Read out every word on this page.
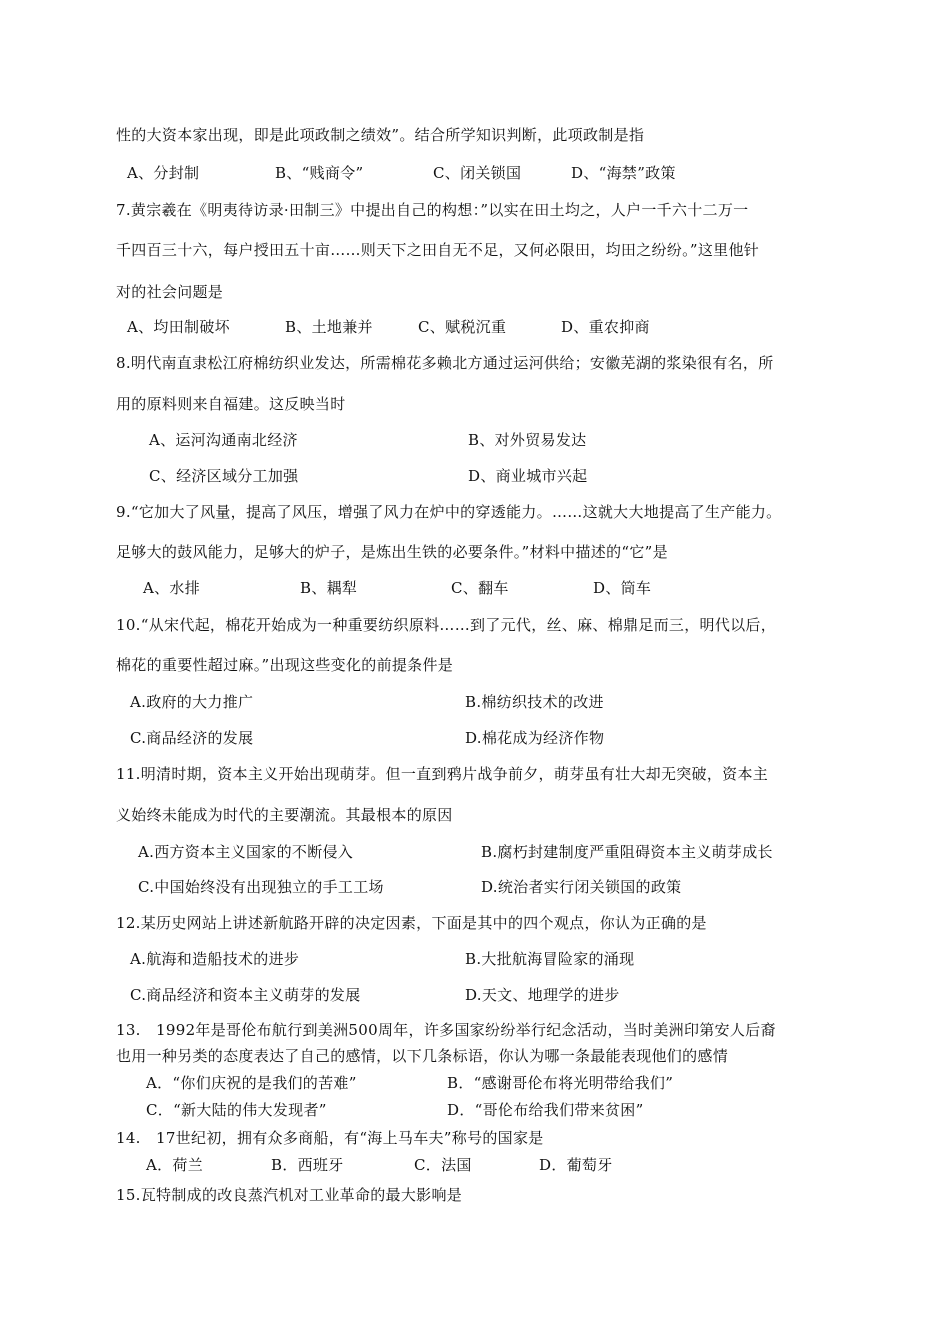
性的大资本家出现，即是此项政制之绩效”。结合所学知识判断，此项政制是指
A、分封制	B、“贱商令”	C、闭关锁国	D、“海禁”政策
7.黄宗羲在《明夷待访录·田制三》中提出自己的构想：”以实在田土均之，人户一千六十二万一
千四百三十六，每户授田五十亩……则天下之田自无不足，又何必限田，均田之纷纷。”这里他针
对的社会问题是
A、均田制破坏	B、土地兼并	C、赋税沉重	D、重农抑商
8.明代南直隶松江府棉纺织业发达，所需棉花多赖北方通过运河供给；安徽芜湖的浆染很有名，所
用的原料则来自福建。这反映当时
A、运河沟通南北经济	B、对外贸易发达
C、经济区域分工加强	D、商业城市兴起
9.“它加大了风量，提高了风压，增强了风力在炉中的穿透能力。……这就大大地提高了生产能力。
足够大的鼓风能力，足够大的炉子，是炼出生铁的必要条件。”材料中描述的“它”是
A、水排	B、耦犁	C、翻车	D、筒车
10.“从宋代起，棉花开始成为一种重要纺织原料……到了元代，丝、麻、棉鼎足而三，明代以后，
棉花的重要性超过麻。”出现这些变化的前提条件是
A.政府的大力推广	B.棉纺织技术的改进
C.商品经济的发展	D.棉花成为经济作物
11.明清时期，资本主义开始出现萌芽。但一直到鸦片战争前夕，萌芽虽有壮大却无突破，资本主
义始终未能成为时代的主要潮流。其最根本的原因
A.西方资本主义国家的不断侵入	B.腐朽封建制度严重阻碍资本主义萌芽成长
C.中国始终没有出现独立的手工工场	D.统治者实行闭关锁国的政策
12.某历史网站上讲述新航路开辟的决定因素，下面是其中的四个观点，你认为正确的是
A.航海和造船技术的进步	B.大批航海冒险家的涌现
C.商品经济和资本主义萌芽的发展	D.天文、地理学的进步
13.　1992年是哥伦布航行到美洲500周年，许多国家纷纷举行纪念活动，当时美洲印第安人后裔
也用一种另类的态度表达了自己的感情，以下几条标语，你认为哪一条最能表现他们的感情
A．“你们庆祝的是我们的苦难”	B．“感谢哥伦布将光明带给我们”
C．“新大陆的伟大发现者”	D．“哥伦布给我们带来贫困”
14.　17世纪初，拥有众多商船，有“海上马车夫”称号的国家是
A．荷兰	B．西班牙	C．法国	D．葡萄牙
15.瓦特制成的改良蒸汽机对工业革命的最大影响是
